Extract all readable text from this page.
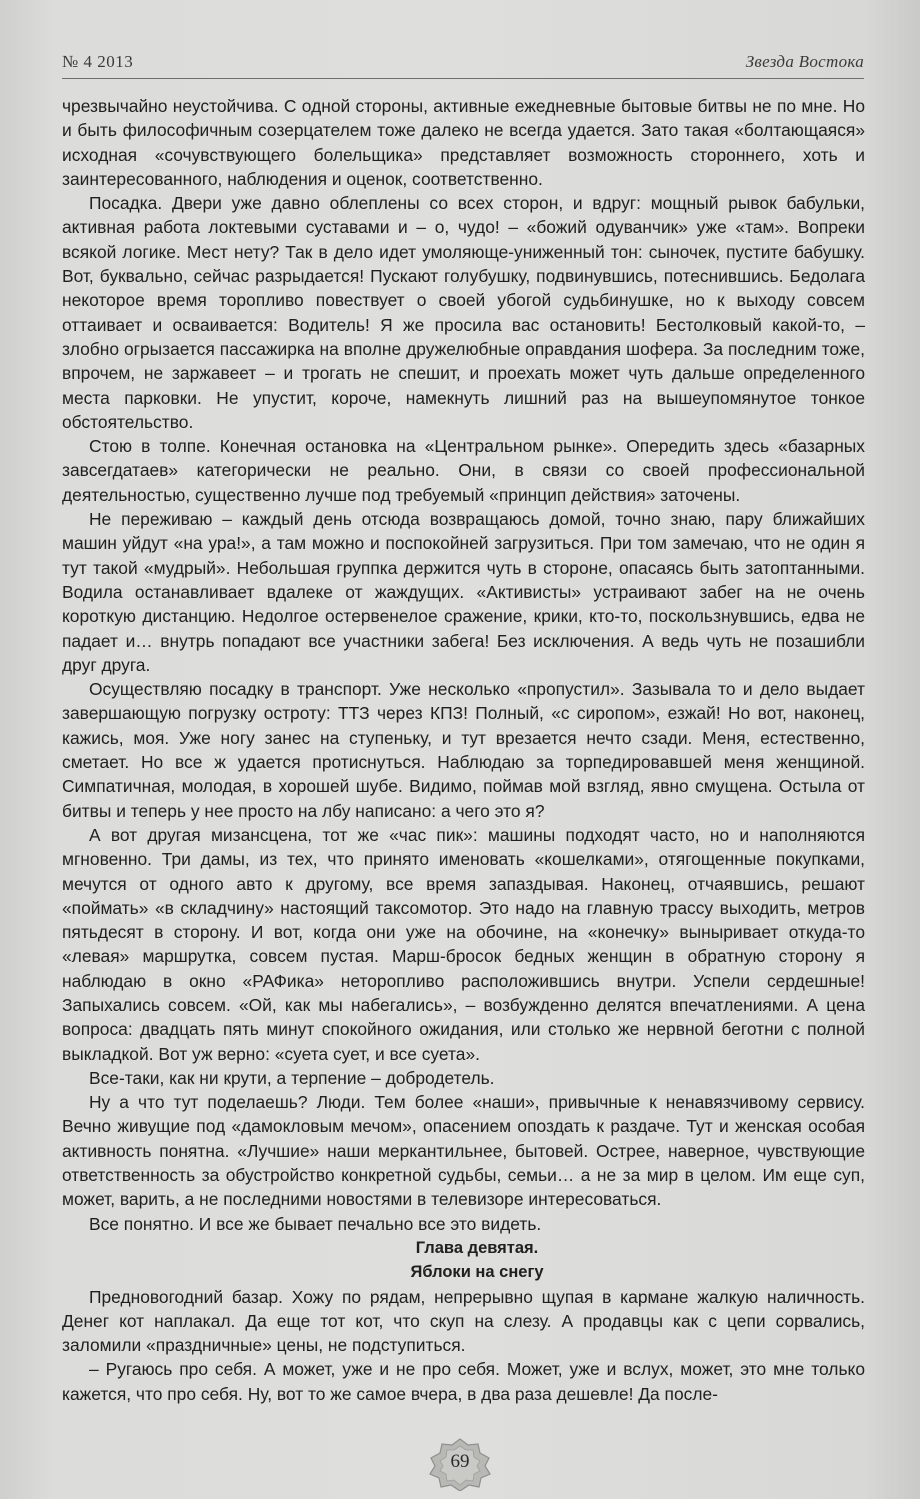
№ 4 2013	Звезда Востока

чрезвычайно неустойчива. С одной стороны, активные ежедневные бытовые битвы не по мне. Но и быть философичным созерцателем тоже далеко не всегда удается. Зато такая «болтающаяся» исходная «сочувствующего болельщика» представляет возможность стороннего, хоть и заинтересованного, наблюдения и оценок, соответственно.

Посадка. Двери уже давно облеплены со всех сторон, и вдруг: мощный рывок бабульки, активная работа локтевыми суставами и – о, чудо! – «божий одуванчик» уже «там». Вопреки всякой логике. Мест нету? Так в дело идет умоляюще-униженный тон: сыночек, пустите бабушку. Вот, буквально, сейчас разрыдается! Пускают голубушку, подвинувшись, потеснившись. Бедолага некоторое время торопливо повествует о своей убогой судьбинушке, но к выходу совсем оттаивает и осваивается: Водитель! Я же просила вас остановить! Бестолковый какой-то, – злобно огрызается пассажирка на вполне дружелюбные оправдания шофера. За последним тоже, впрочем, не заржавеет – и трогать не спешит, и проехать может чуть дальше определенного места парковки. Не упустит, короче, намекнуть лишний раз на вышеупомянутое тонкое обстоятельство.

Стою в толпе. Конечная остановка на «Центральном рынке». Опередить здесь «базарных завсегдатаев» категорически не реально. Они, в связи со своей профессиональной деятельностью, существенно лучше под требуемый «принцип действия» заточены.

Не переживаю – каждый день отсюда возвращаюсь домой, точно знаю, пару ближайших машин уйдут «на ура!», а там можно и поспокойней загрузиться. При том замечаю, что не один я тут такой «мудрый». Небольшая группка держится чуть в стороне, опасаясь быть затоптанными. Водила останавливает вдалеке от жаждущих. «Активисты» устраивают забег на не очень короткую дистанцию. Недолгое остервенелое сражение, крики, кто-то, поскользнувшись, едва не падает и… внутрь попадают все участники забега! Без исключения. А ведь чуть не позашибли друг друга.

Осуществляю посадку в транспорт. Уже несколько «пропустил». Зазывала то и дело выдает завершающую погрузку остроту: ТТЗ через КПЗ! Полный, «с сиропом», езжай! Но вот, наконец, кажись, моя. Уже ногу занес на ступеньку, и тут врезается нечто сзади. Меня, естественно, сметает. Но все ж удается протиснуться. Наблюдаю за торпедировавшей меня женщиной. Симпатичная, молодая, в хорошей шубе. Видимо, поймав мой взгляд, явно смущена. Остыла от битвы и теперь у нее просто на лбу написано: а чего это я?

А вот другая мизансцена, тот же «час пик»: машины подходят часто, но и наполняются мгновенно. Три дамы, из тех, что принято именовать «кошелками», отягощенные покупками, мечутся от одного авто к другому, все время запаздывая. Наконец, отчаявшись, решают «поймать» «в складчину» настоящий таксомотор. Это надо на главную трассу выходить, метров пятьдесят в сторону. И вот, когда они уже на обочине, на «конечку» выныривает откуда-то «левая» маршрутка, совсем пустая. Марш-бросок бедных женщин в обратную сторону я наблюдаю в окно «РАФика» неторопливо расположившись внутри. Успели сердешные! Запыхались совсем. «Ой, как мы набегались», – возбужденно делятся впечатлениями. А цена вопроса: двадцать пять минут спокойного ожидания, или столько же нервной беготни с полной выкладкой. Вот уж верно: «суета сует, и все суета».

Все-таки, как ни крути, а терпение – добродетель.

Ну а что тут поделаешь? Люди. Тем более «наши», привычные к ненавязчивому сервису. Вечно живущие под «дамокловым мечом», опасением опоздать к раздаче. Тут и женская особая активность понятна. «Лучшие» наши меркантильнее, бытовей. Острее, наверное, чувствующие ответственность за обустройство конкретной судьбы, семьи… а не за мир в целом. Им еще суп, может, варить, а не последними новостями в телевизоре интересоваться.

Все понятно. И все же бывает печально все это видеть.

Глава девятая.

Яблоки на снегу

Предновогодний базар. Хожу по рядам, непрерывно щупая в кармане жалкую наличность. Денег кот наплакал. Да еще тот кот, что скуп на слезу. А продавцы как с цепи сорвались, заломили «праздничные» цены, не подступиться.

– Ругаюсь про себя. А может, уже и не про себя. Может, уже и вслух, может, это мне только кажется, что про себя. Ну, вот то же самое вчера, в два раза дешевле! Да после-

69
